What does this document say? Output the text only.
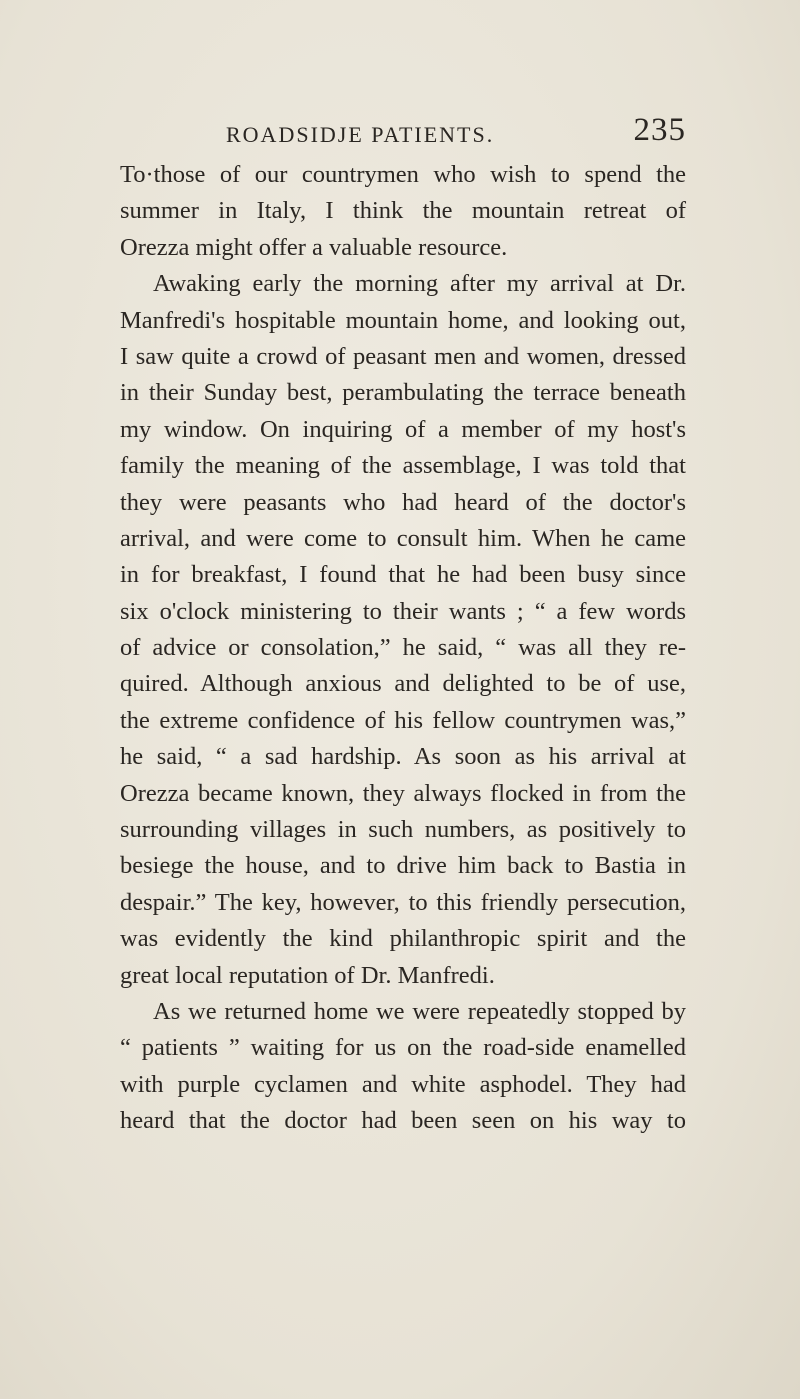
ROADSIDJE PATIENTS.	235
To·those of our countrymen who wish to spend the
summer in Italy, I think the mountain retreat of
Orezza might offer a valuable resource.
Awaking early the morning after my arrival at Dr.
Manfredi's hospitable mountain home, and looking out,
I saw quite a crowd of peasant men and women, dressed
in their Sunday best, perambulating the terrace beneath
my window. On inquiring of a member of my host's
family the meaning of the assemblage, I was told that
they were peasants who had heard of the doctor's
arrival, and were come to consult him. When he came
in for breakfast, I found that he had been busy since
six o'clock ministering to their wants ; “ a few words
of advice or consolation,” he said, “ was all they re-
quired. Although anxious and delighted to be of use,
the extreme confidence of his fellow countrymen was,”
he said, “ a sad hardship. As soon as his arrival at
Orezza became known, they always flocked in from the
surrounding villages in such numbers, as positively to
besiege the house, and to drive him back to Bastia in
despair.” The key, however, to this friendly persecution,
was evidently the kind philanthropic spirit and the
great local reputation of Dr. Manfredi.
As we returned home we were repeatedly stopped by
“ patients ” waiting for us on the road-side enamelled
with purple cyclamen and white asphodel. They had
heard that the doctor had been seen on his way to
